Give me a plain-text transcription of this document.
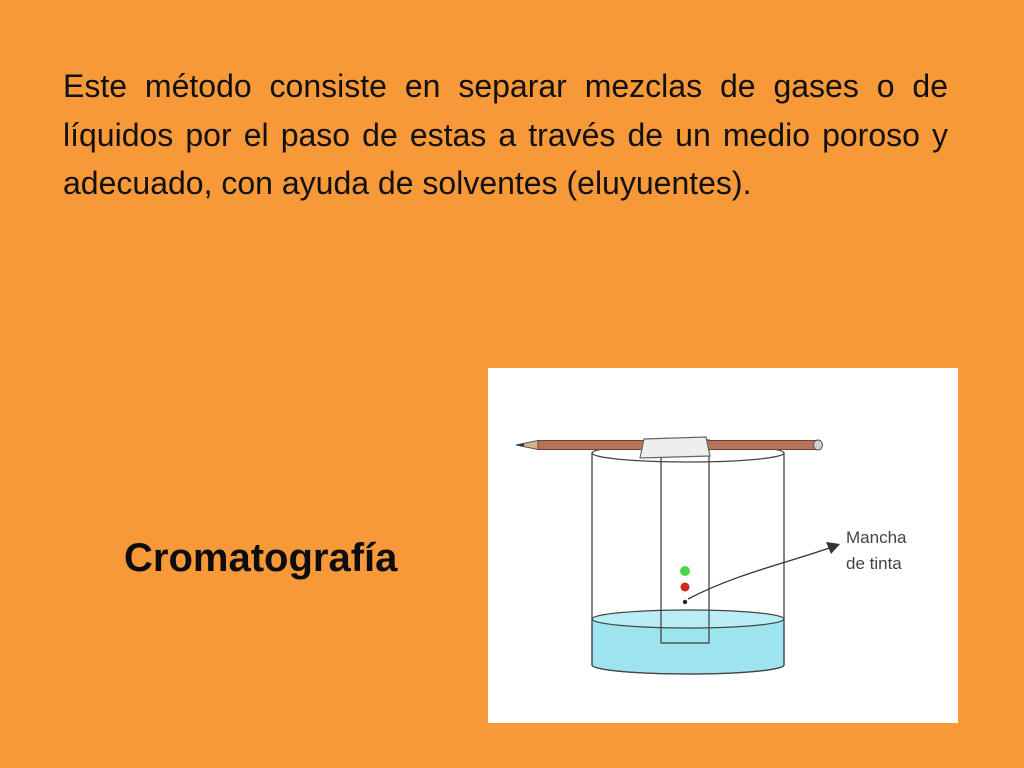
Este método consiste en separar mezclas de gases o de líquidos por el paso de estas a través de un medio poroso y adecuado, con ayuda de solventes (eluyuentes).

Cromatografía	Mancha
de tinta
